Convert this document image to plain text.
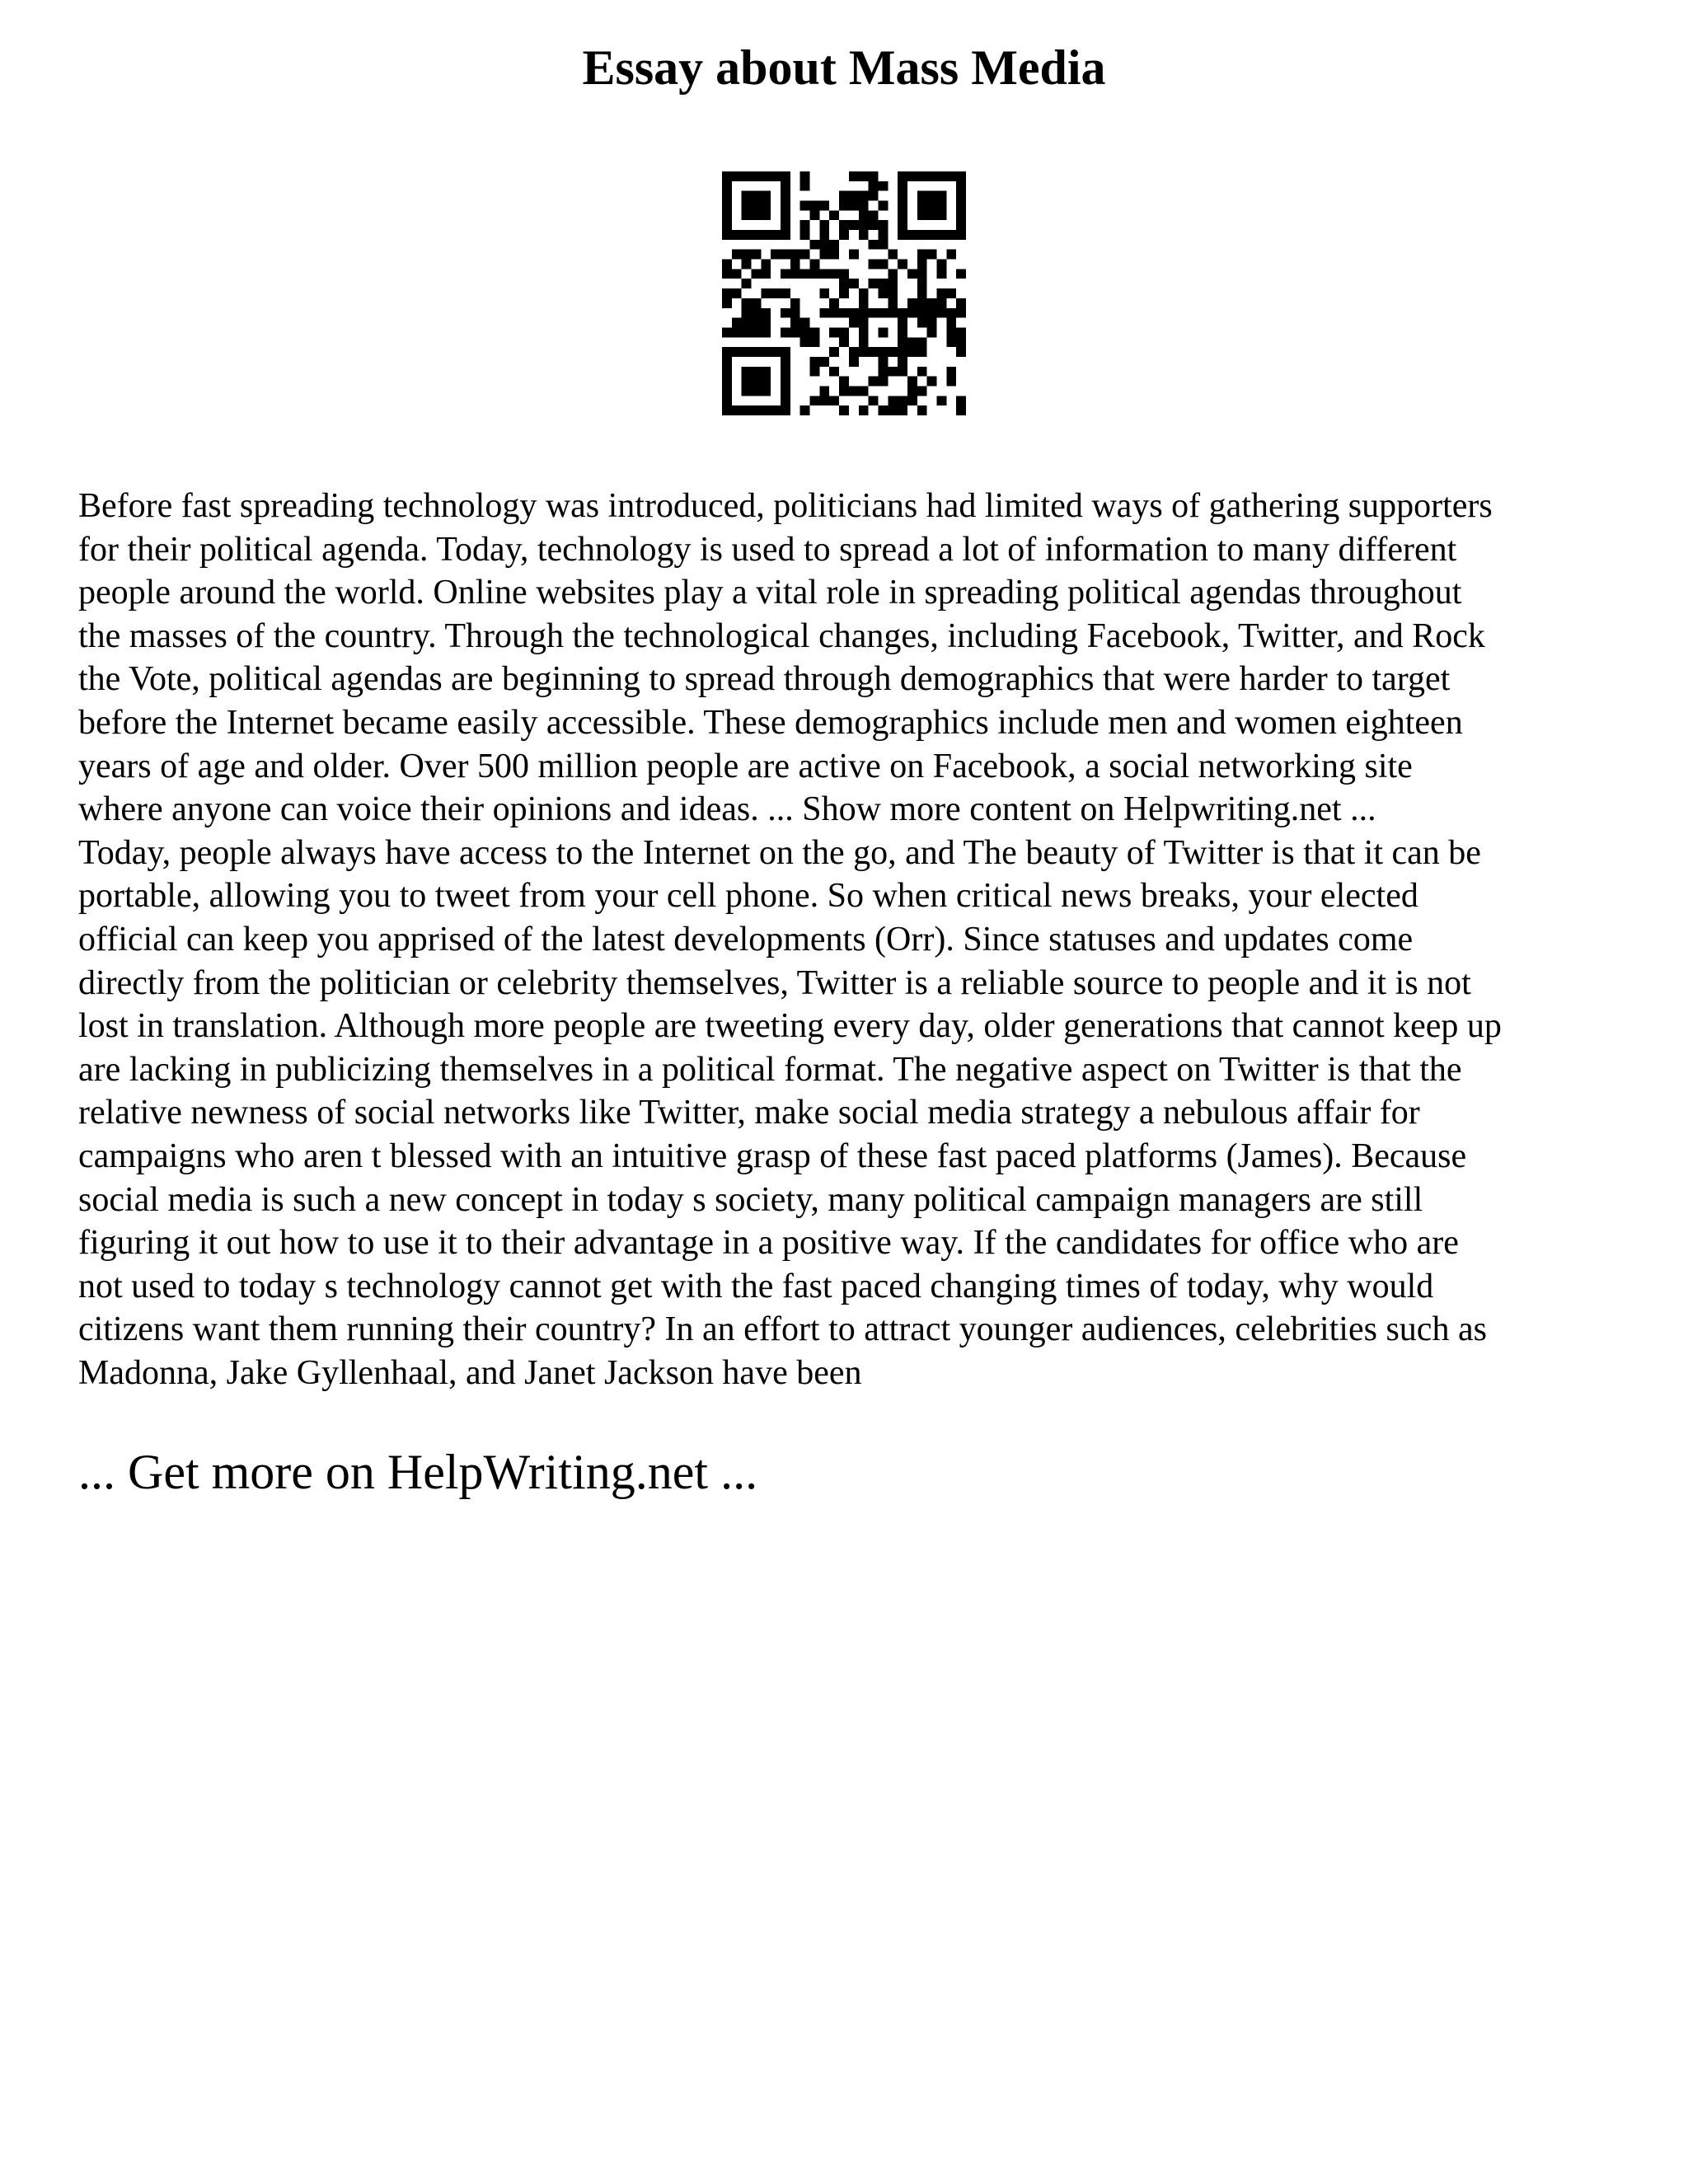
Essay about Mass Media
Before fast spreading technology was introduced, politicians had limited ways of gathering supporters
for their political agenda. Today, technology is used to spread a lot of information to many different
people around the world. Online websites play a vital role in spreading political agendas throughout
the masses of the country. Through the technological changes, including Facebook, Twitter, and Rock
the Vote, political agendas are beginning to spread through demographics that were harder to target
before the Internet became easily accessible. These demographics include men and women eighteen
years of age and older. Over 500 million people are active on Facebook, a social networking site
where anyone can voice their opinions and ideas. ... Show more content on Helpwriting.net ...
Today, people always have access to the Internet on the go, and The beauty of Twitter is that it can be
portable, allowing you to tweet from your cell phone. So when critical news breaks, your elected
official can keep you apprised of the latest developments (Orr). Since statuses and updates come
directly from the politician or celebrity themselves, Twitter is a reliable source to people and it is not
lost in translation. Although more people are tweeting every day, older generations that cannot keep up
are lacking in publicizing themselves in a political format. The negative aspect on Twitter is that the
relative newness of social networks like Twitter, make social media strategy a nebulous affair for
campaigns who aren t blessed with an intuitive grasp of these fast paced platforms (James). Because
social media is such a new concept in today s society, many political campaign managers are still
figuring it out how to use it to their advantage in a positive way. If the candidates for office who are
not used to today s technology cannot get with the fast paced changing times of today, why would
citizens want them running their country? In an effort to attract younger audiences, celebrities such as
Madonna, Jake Gyllenhaal, and Janet Jackson have been
... Get more on HelpWriting.net ...
